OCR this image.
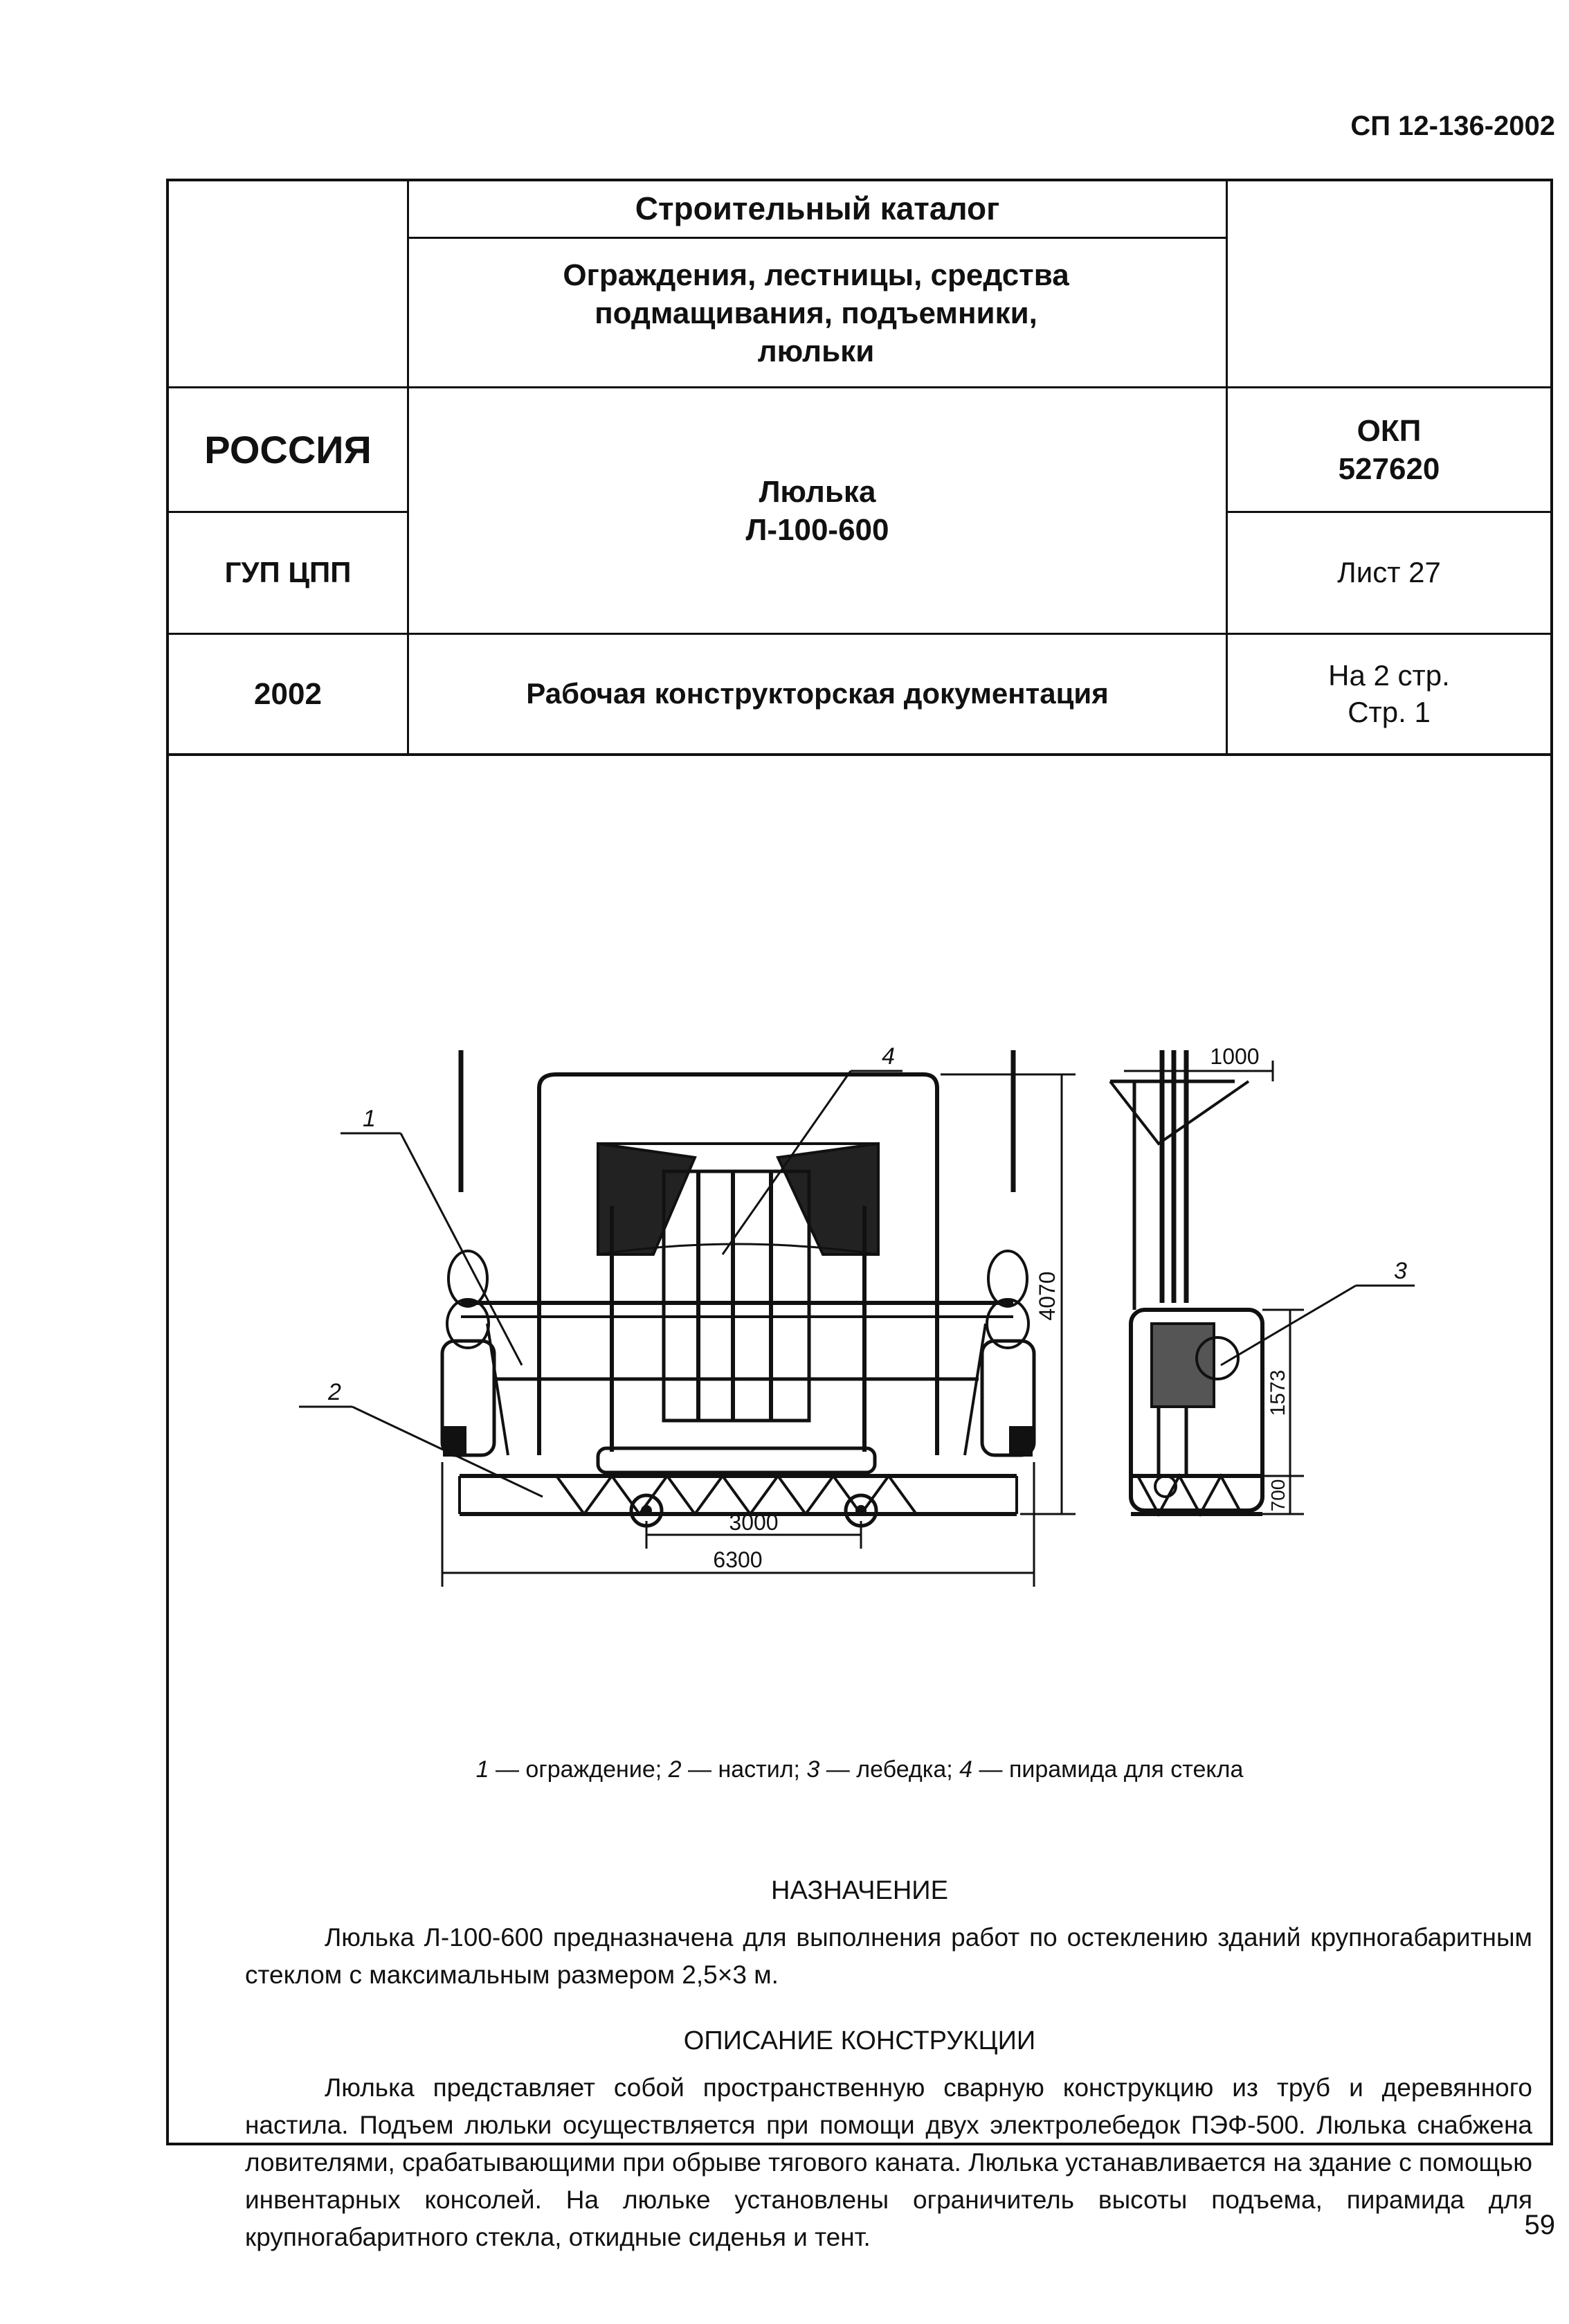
СП 12-136-2002
Строительный каталог
Ограждения, лестницы, средства подмащивания, подъемники, люльки
РОССИЯ
ГУП ЦПП
2002
Люлька
Л-100-600
Рабочая конструкторская документация
ОКП
527620
Лист 27
На 2 стр.
Стр. 1
1
2
3
4
3000
6300
4070
1000
1573
700
1 — ограждение; 2 — настил; 3 — лебедка; 4 — пирамида для стекла
НАЗНАЧЕНИЕ
Люлька Л-100-600 предназначена для выполнения работ по остеклению зданий крупногабаритным стеклом с максимальным размером 2,5×3 м.
ОПИСАНИЕ КОНСТРУКЦИИ
Люлька представляет собой пространственную сварную конструкцию из труб и деревянного настила. Подъем люльки осуществляется при помощи двух электролебедок ПЭФ-500. Люлька снабжена ловителями, срабатывающими при обрыве тягового каната. Люлька устанавливается на здание с помощью инвентарных консолей. На люльке установлены ограничитель высоты подъема, пирамида для крупногабаритного стекла, откидные сиденья и тент.	59
